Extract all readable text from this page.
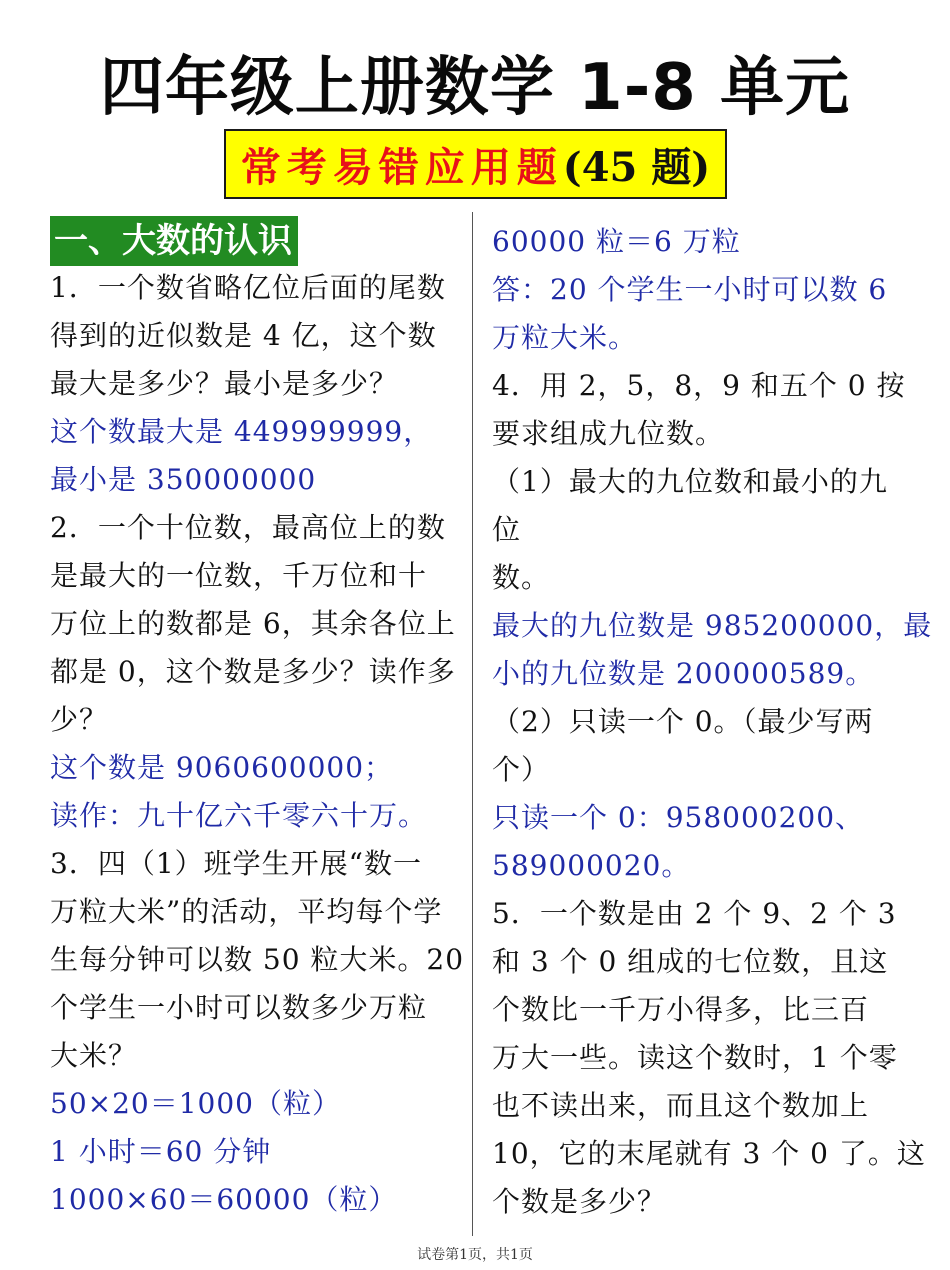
四年级上册数学 1-8 单元
常考易错应用题 (45 题)
一、大数的认识
1．一个数省略亿位后面的尾数
得到的近似数是 4 亿，这个数
最大是多少？最小是多少？
这个数最大是 449999999，
最小是 350000000
2．一个十位数，最高位上的数
是最大的一位数，千万位和十
万位上的数都是 6，其余各位上
都是 0，这个数是多少？读作多
少？
这个数是 9060600000；
读作：九十亿六千零六十万。
3．四（1）班学生开展“数一
万粒大米”的活动，平均每个学
生每分钟可以数 50 粒大米。20
个学生一小时可以数多少万粒
大米？
50×20＝1000（粒）
1 小时＝60 分钟
1000×60＝60000（粒）
60000 粒＝6 万粒
答：20 个学生一小时可以数 6
万粒大米。
4．用 2，5，8，9 和五个 0 按
要求组成九位数。
（1）最大的九位数和最小的九
位
数。
最大的九位数是 985200000，最
小的九位数是 200000589。
（2）只读一个 0。（最少写两
个）
只读一个 0：958000200、
589000020。
5．一个数是由 2 个 9、2 个 3
和 3 个 0 组成的七位数，且这
个数比一千万小得多，比三百
万大一些。读这个数时，1 个零
也不读出来，而且这个数加上
10，它的末尾就有 3 个 0 了。这
个数是多少？
试卷第1页，共1页
